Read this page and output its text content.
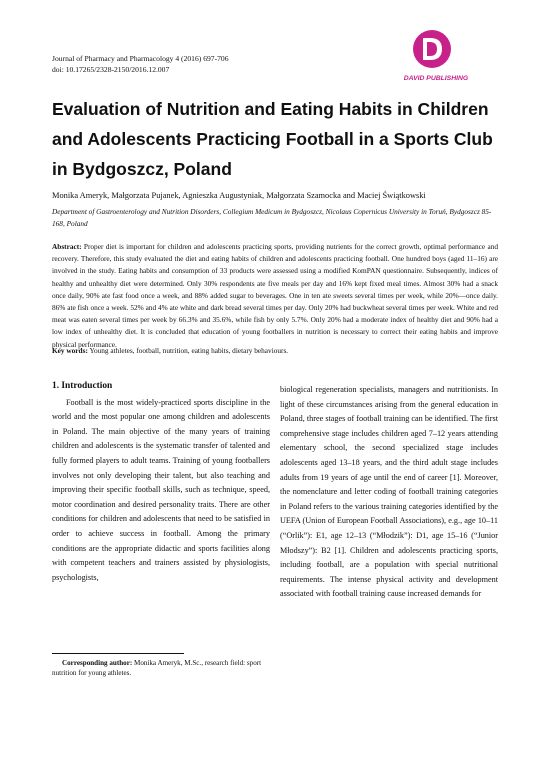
Journal of Pharmacy and Pharmacology 4 (2016) 697-706
doi: 10.17265/2328-2150/2016.12.007
DAVID PUBLISHING
Evaluation of Nutrition and Eating Habits in Children and Adolescents Practicing Football in a Sports Club in Bydgoszcz, Poland
Monika Ameryk, Małgorzata Pujanek, Agnieszka Augustyniak, Małgorzata Szamocka and Maciej Świątkowski
Department of Gastroenterology and Nutrition Disorders, Collegium Medicum in Bydgoszcz, Nicolaus Copernicus University in Toruń, Bydgoszcz 85-168, Poland
Abstract: Proper diet is important for children and adolescents practicing sports, providing nutrients for the correct growth, optimal performance and recovery. Therefore, this study evaluated the diet and eating habits of children and adolescents practicing football. One hundred boys (aged 11–16) are involved in the study. Eating habits and consumption of 33 products were assessed using a modified KomPAN questionnaire. Subsequently, indices of healthy and unhealthy diet were determined. Only 30% respondents ate five meals per day and 16% kept fixed meal times. Almost 30% had a snack once daily, 90% ate fast food once a week, and 88% added sugar to beverages. One in ten ate sweets several times per week, while 20%—once daily. 86% ate fish once a week. 52% and 4% ate white and dark bread several times per day. Only 20% had buckwheat several times per week. White and red meat was eaten several times per week by 66.3% and 35.6%, while fish by only 5.7%. Only 20% had a moderate index of healthy diet and 90% had a low index of unhealthy diet. It is concluded that education of young footballers in nutrition is necessary to correct their eating habits and improve physical performance.
Key words: Young athletes, football, nutrition, eating habits, dietary behaviours.
1. Introduction

Football is the most widely-practiced sports discipline in the world and the most popular one among children and adolescents in Poland. The main objective of the many years of training children and adolescents is the systematic transfer of talented and fully formed players to adult teams. Training of young footballers involves not only developing their talent, but also teaching and improving their specific football skills, such as technique, speed, motor coordination and desired personality traits. There are other conditions for children and adolescents that need to be satisfied in order to achieve success in football. Among the primary conditions are the appropriate didactic and sports facilities along with competent teachers and trainers assisted by physiologists, psychologists,

biological regeneration specialists, managers and nutritionists. In light of these circumstances arising from the general education in Poland, three stages of football training can be identified. The first comprehensive stage includes children aged 7–12 years attending elementary school, the second specialized stage includes adolescents aged 13–18 years, and the third adult stage includes adults from 19 years of age until the end of career [1]. Moreover, the nomenclature and letter coding of football training categories in Poland refers to the various training categories identified by the UEFA (Union of European Football Associations), e.g., age 10–11 (“Orlik”): E1, age 12–13 (“Młodzik”): D1, age 15–16 (“Junior Młodszy”): B2 [1]. Children and adolescents practicing sports, including football, are a population with special nutritional requirements. The intense physical activity and development associated with football training cause increased demands for

Corresponding author: Monika Ameryk, M.Sc., research field: sport nutrition for young athletes.
